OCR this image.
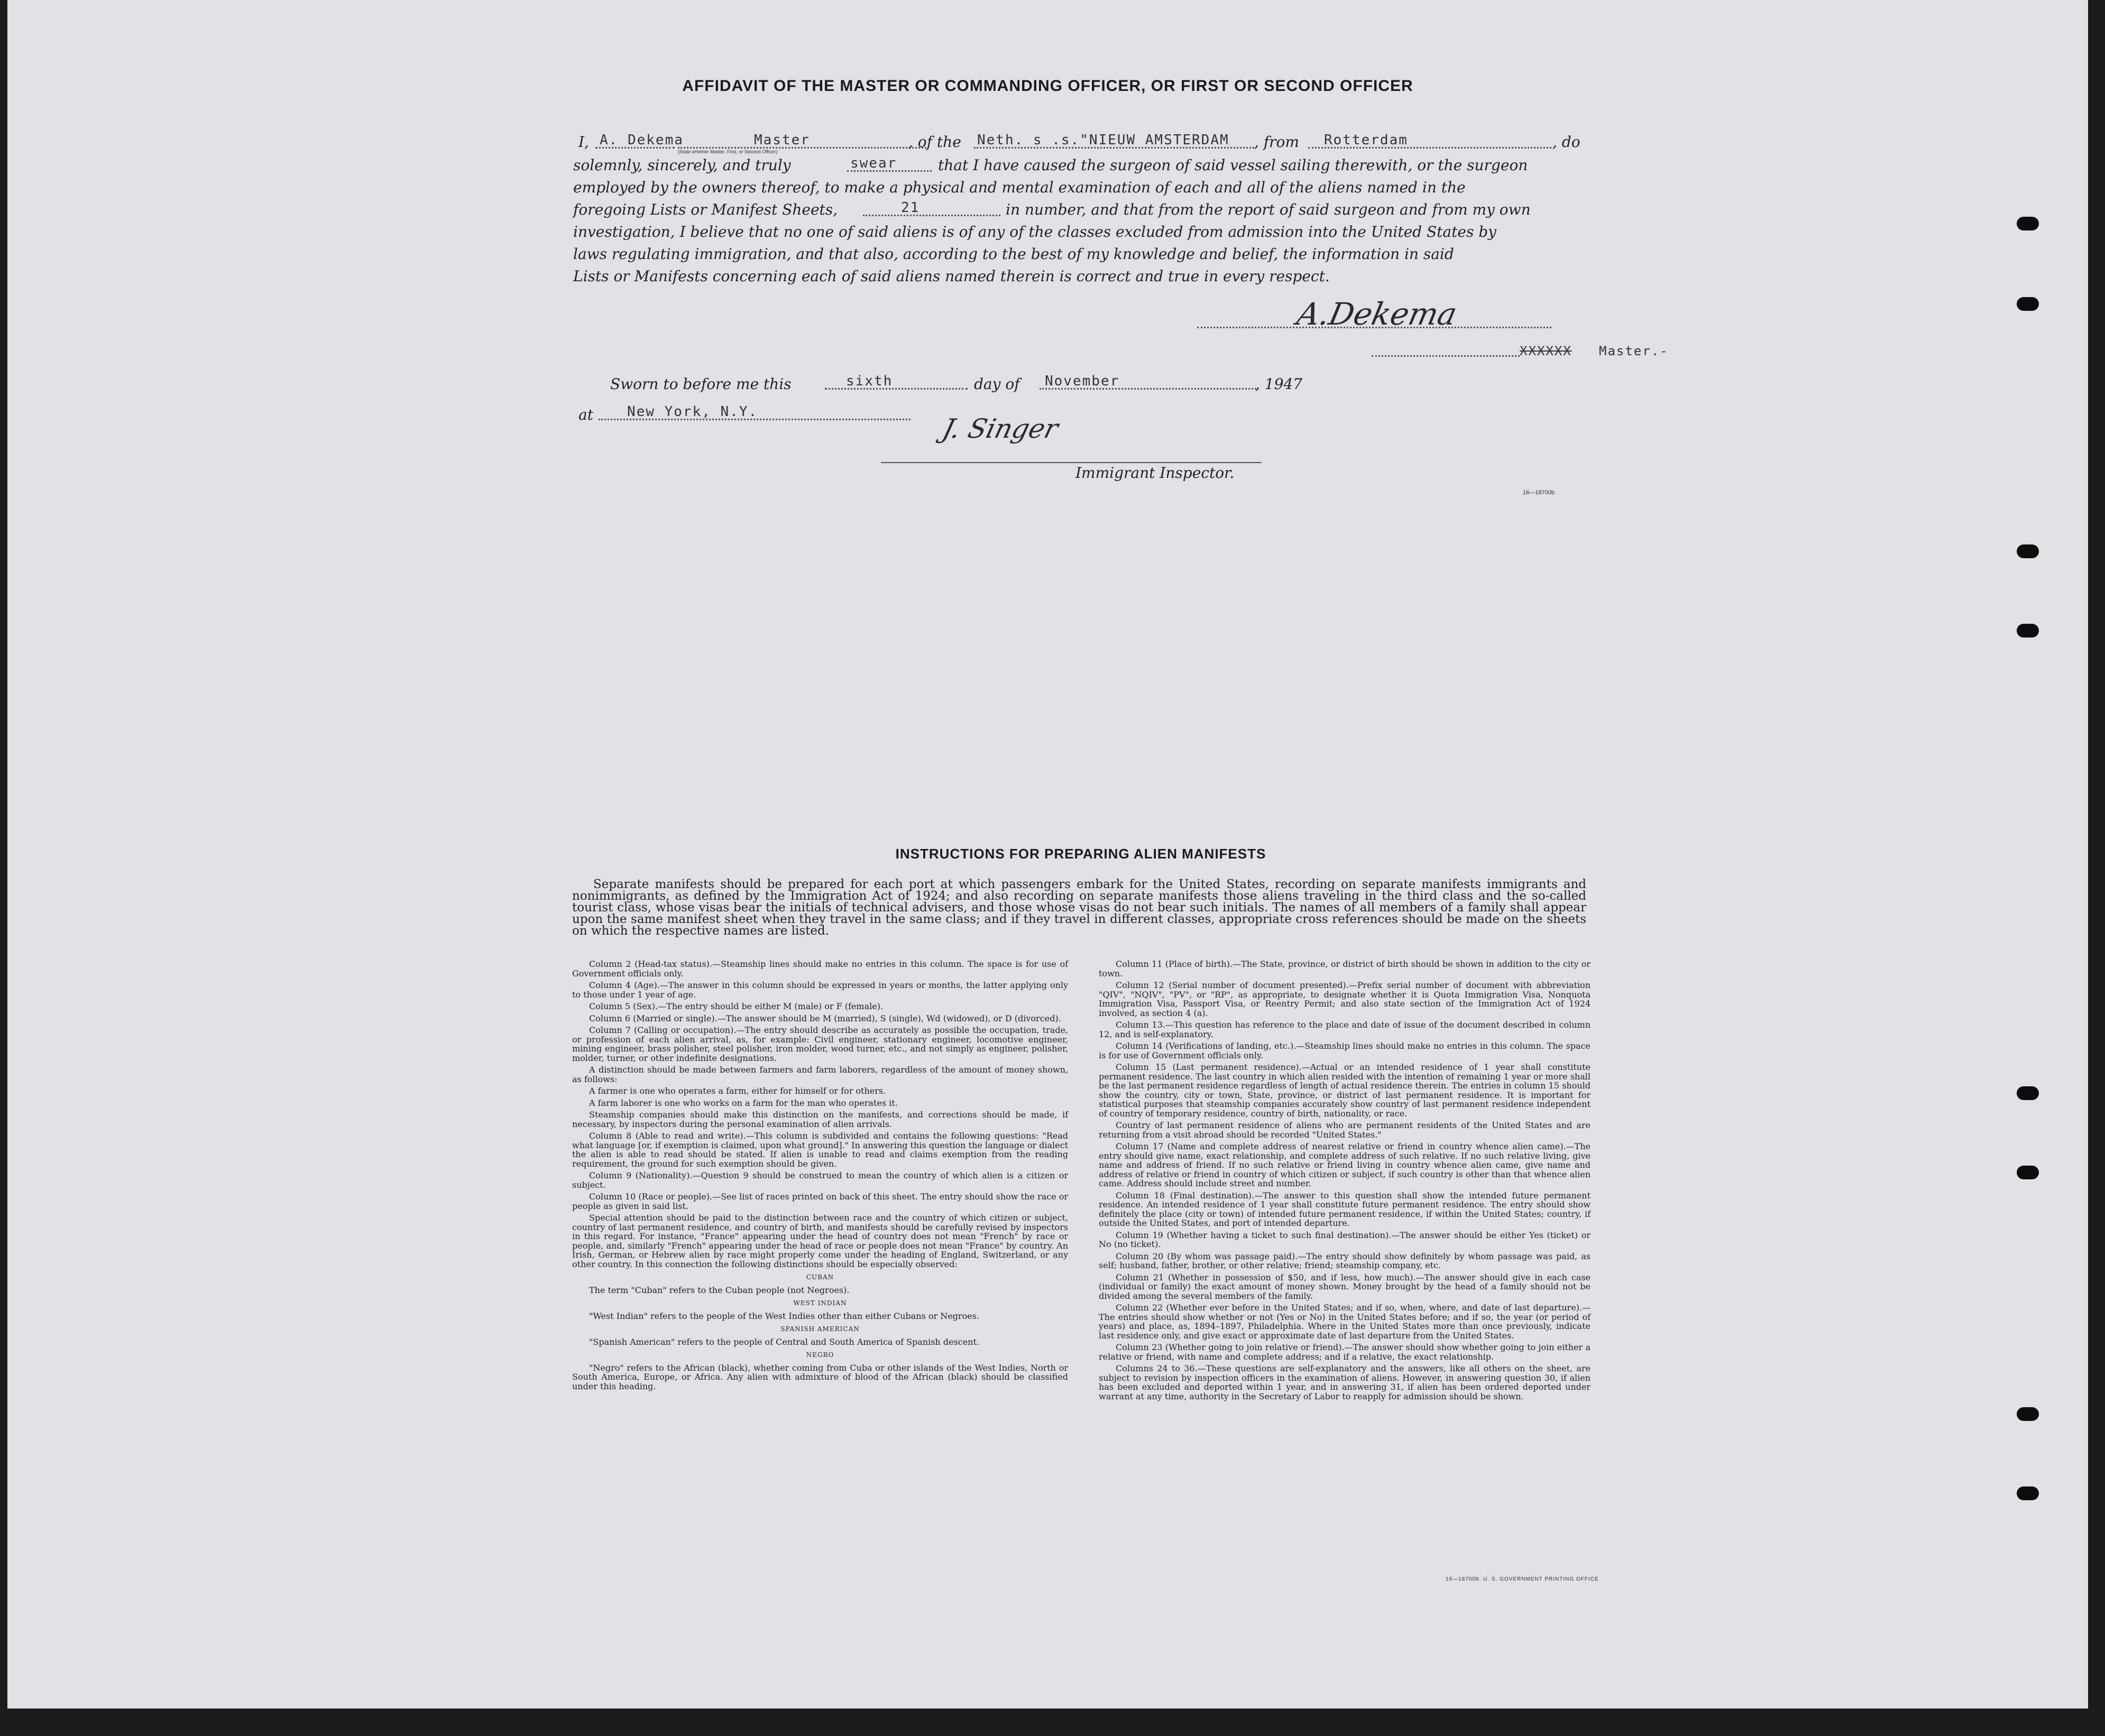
AFFIDAVIT OF THE MASTER OR COMMANDING OFFICER, OR FIRST OR SECOND OFFICER
I, A. Dekema	Master
(State whether Master, First, or Second Officer)
, of the Neth. s .s."NIEUW AMSTERDAM , from Rotterdam	, do
solemnly, sincerely, and truly	swear	that I have caused the surgeon of said vessel sailing therewith, or the surgeon
employed by the owners thereof, to make a physical and mental examination of each and all of the aliens named in the
foregoing Lists or Manifest Sheets,	21	in number, and that from the report of said surgeon and from my own
investigation, I believe that no one of said aliens is of any of the classes excluded from admission into the United States by
laws regulating immigration, and that also, according to the best of my knowledge and belief, the information in said
Lists or Manifests concerning each of said aliens named therein is correct and true in every respect.
A.Dekema
XXXXXX Master.-
Sworn to before me this	sixth	day of November	, 1947
at New York, N.Y.
J. Singer
Immigrant Inspector.
16—18700b
INSTRUCTIONS FOR PREPARING ALIEN MANIFESTS
Separate manifests should be prepared for each port at which passengers embark for the United States, recording on separate manifests immigrants and nonimmigrants, as defined by the Immigration Act of 1924; and also recording on separate manifests those aliens traveling in the third class and the so-called tourist class, whose visas bear the initials of technical advisers, and those whose visas do not bear such initials. The names of all members of a family shall appear upon the same manifest sheet when they travel in the same class; and if they travel in different classes, appropriate cross references should be made on the sheets on which the respective names are listed.

Column 2 (Head-tax status).—Steamship lines should make no entries in this column. The space is for use of Government officials only.

Column 4 (Age).—The answer in this column should be expressed in years or months, the latter applying only to those under 1 year of age.

Column 5 (Sex).—The entry should be either M (male) or F (female).

Column 6 (Married or single).—The answer should be M (married), S (single), Wd (widowed), or D (divorced).

Column 7 (Calling or occupation).—The entry should describe as accurately as possible the occupation, trade, or profession of each alien arrival, as, for example: Civil engineer, stationary engineer, locomotive engineer, mining engineer, brass polisher, steel polisher, iron molder, wood turner, etc., and not simply as engineer, polisher, molder, turner, or other indefinite designations.

A distinction should be made between farmers and farm laborers, regardless of the amount of money shown, as follows:

A farmer is one who operates a farm, either for himself or for others.

A farm laborer is one who works on a farm for the man who operates it.

Steamship companies should make this distinction on the manifests, and corrections should be made, if necessary, by inspectors during the personal examination of alien arrivals.

Column 8 (Able to read and write).—This column is subdivided and contains the following questions: "Read what language [or, if exemption is claimed, upon what ground]." In answering this question the language or dialect the alien is able to read should be stated. If alien is unable to read and claims exemption from the reading requirement, the ground for such exemption should be given.

Column 9 (Nationality).—Question 9 should be construed to mean the country of which alien is a citizen or subject.

Column 10 (Race or people).—See list of races printed on back of this sheet. The entry should show the race or people as given in said list.

Special attention should be paid to the distinction between race and the country of which citizen or subject, country of last permanent residence, and country of birth, and manifests should be carefully revised by inspectors in this regard. For instance, "France" appearing under the head of country does not mean "French" by race or people, and, similarly "French" appearing under the head of race or people does not mean "France" by country. An Irish, German, or Hebrew alien by race might properly come under the heading of England, Switzerland, or any other country. In this connection the following distinctions should be especially observed:

CUBAN

The term "Cuban" refers to the Cuban people (not Negroes).

WEST INDIAN

"West Indian" refers to the people of the West Indies other than either Cubans or Negroes.

SPANISH AMERICAN

"Spanish American" refers to the people of Central and South America of Spanish descent.

NEGRO

"Negro" refers to the African (black), whether coming from Cuba or other islands of the West Indies, North or South America, Europe, or Africa. Any alien with admixture of blood of the African (black) should be classified under this heading.

Column 11 (Place of birth).—The State, province, or district of birth should be shown in addition to the city or town.

Column 12 (Serial number of document presented).—Prefix serial number of document with abbreviation "QIV", "NQIV", "PV", or "RP", as appropriate, to designate whether it is Quota Immigration Visa, Nonquota Immigration Visa, Passport Visa, or Reentry Permit; and also state section of the Immigration Act of 1924 involved, as section 4 (a).

Column 13.—This question has reference to the place and date of issue of the document described in column 12, and is self-explanatory.

Column 14 (Verifications of landing, etc.).—Steamship lines should make no entries in this column. The space is for use of Government officials only.

Column 15 (Last permanent residence).—Actual or an intended residence of 1 year shall constitute permanent residence. The last country in which alien resided with the intention of remaining 1 year or more shall be the last permanent residence regardless of length of actual residence therein. The entries in column 15 should show the country, city or town, State, province, or district of last permanent residence. It is important for statistical purposes that steamship companies accurately show country of last permanent residence independent of country of temporary residence, country of birth, nationality, or race.

Country of last permanent residence of aliens who are permanent residents of the United States and are returning from a visit abroad should be recorded "United States."

Column 17 (Name and complete address of nearest relative or friend in country whence alien came).—The entry should give name, exact relationship, and complete address of such relative. If no such relative living, give name and address of friend. If no such relative or friend living in country whence alien came, give name and address of relative or friend in country of which citizen or subject, if such country is other than that whence alien came. Address should include street and number.

Column 18 (Final destination).—The answer to this question shall show the intended future permanent residence. An intended residence of 1 year shall constitute future permanent residence. The entry should show definitely the place (city or town) of intended future permanent residence, if within the United States; country, if outside the United States, and port of intended departure.

Column 19 (Whether having a ticket to such final destination).—The answer should be either Yes (ticket) or No (no ticket).

Column 20 (By whom was passage paid).—The entry should show definitely by whom passage was paid, as self; husband, father, brother, or other relative; friend; steamship company, etc.

Column 21 (Whether in possession of $50, and if less, how much).—The answer should give in each case (individual or family) the exact amount of money shown. Money brought by the head of a family should not be divided among the several members of the family.

Column 22 (Whether ever before in the United States; and if so, when, where, and date of last departure).—The entries should show whether or not (Yes or No) in the United States before; and if so, the year (or period of years) and place, as, 1894–1897, Philadelphia. Where in the United States more than once previously, indicate last residence only, and give exact or approximate date of last departure from the United States.

Column 23 (Whether going to join relative or friend).—The answer should show whether going to join either a relative or friend, with name and complete address; and if a relative, the exact relationship.

Columns 24 to 36.—These questions are self-explanatory and the answers, like all others on the sheet, are subject to revision by inspection officers in the examination of aliens. However, in answering question 30, if alien has been excluded and deported within 1 year, and in answering 31, if alien has been ordered deported under warrant at any time, authority in the Secretary of Labor to reapply for admission should be shown.

16—18700b. U. S. GOVERNMENT PRINTING OFFICE
